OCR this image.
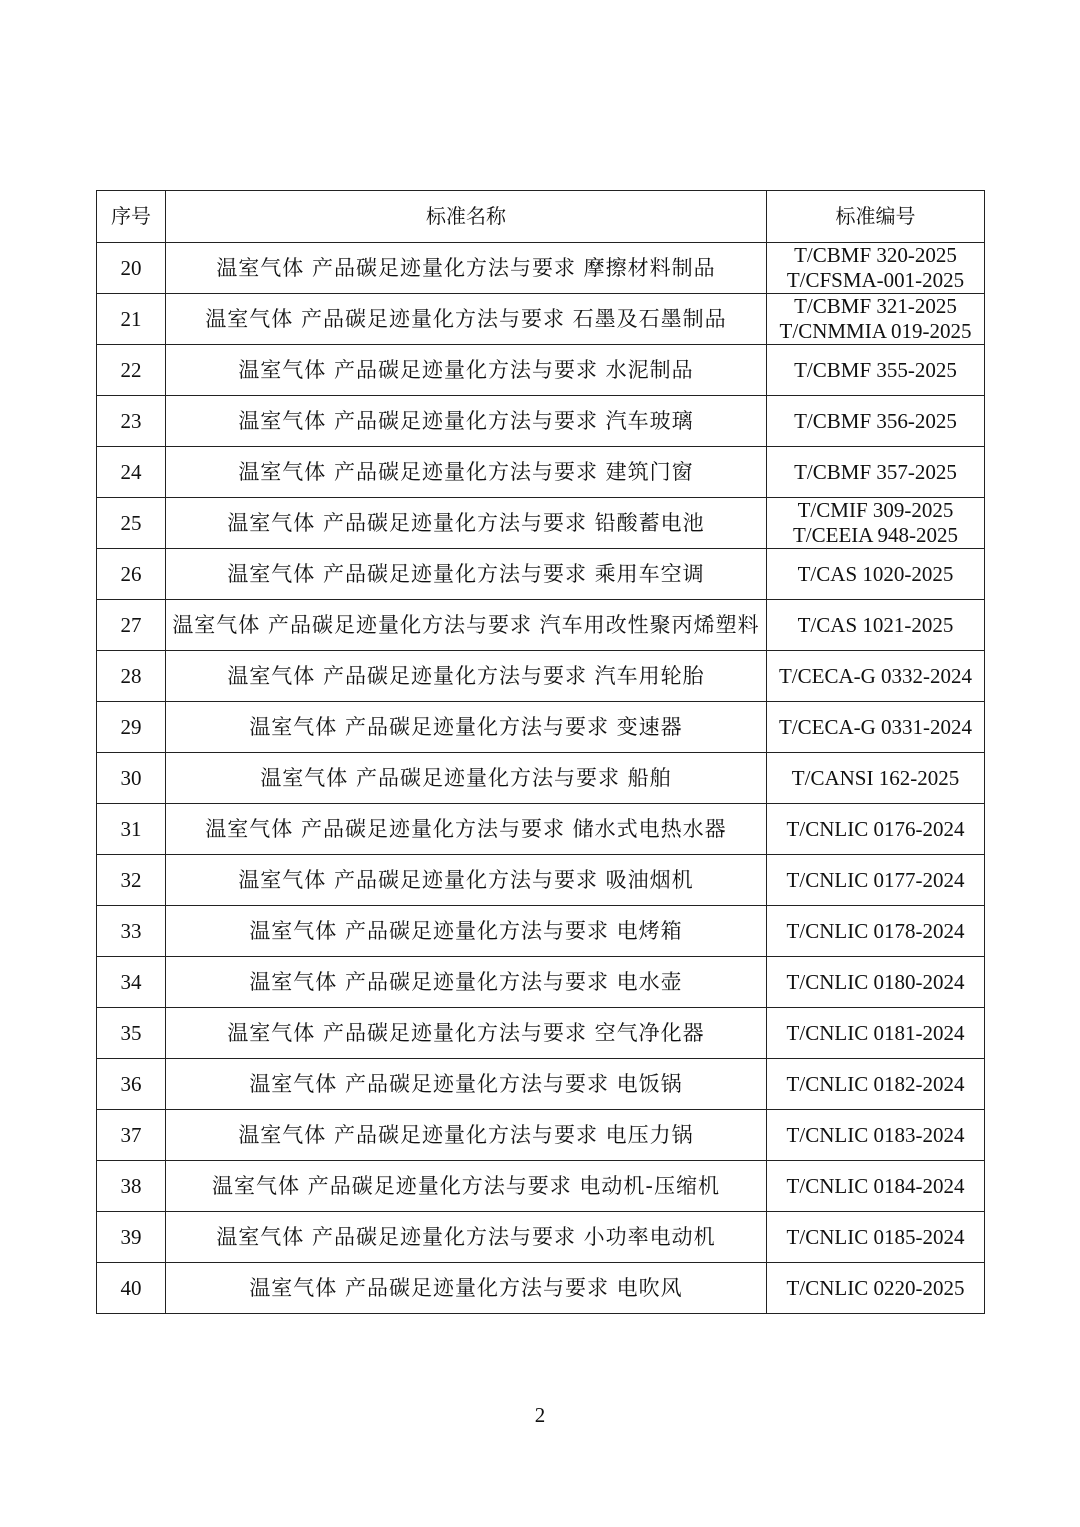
序号	标准名称	标准编号
20	温室气体 产品碳足迹量化方法与要求 摩擦材料制品	T/CBMF 320-2025
T/CFSMA-001-2025

21	温室气体 产品碳足迹量化方法与要求 石墨及石墨制品	T/CBMF 321-2025
T/CNMMIA 019-2025

22	温室气体 产品碳足迹量化方法与要求 水泥制品	T/CBMF 355-2025

23	温室气体 产品碳足迹量化方法与要求 汽车玻璃	T/CBMF 356-2025

24	温室气体 产品碳足迹量化方法与要求 建筑门窗	T/CBMF 357-2025

25	温室气体 产品碳足迹量化方法与要求 铅酸蓄电池	T/CMIF 309-2025
T/CEEIA 948-2025

26	温室气体 产品碳足迹量化方法与要求 乘用车空调	T/CAS 1020-2025

27	温室气体 产品碳足迹量化方法与要求 汽车用改性聚丙烯塑料	T/CAS 1021-2025

28	温室气体 产品碳足迹量化方法与要求 汽车用轮胎	T/CECA-G 0332-2024

29	温室气体 产品碳足迹量化方法与要求 变速器	T/CECA-G 0331-2024

30	温室气体 产品碳足迹量化方法与要求 船舶	T/CANSI 162-2025

31	温室气体 产品碳足迹量化方法与要求 储水式电热水器	T/CNLIC 0176-2024

32	温室气体 产品碳足迹量化方法与要求 吸油烟机	T/CNLIC 0177-2024

33	温室气体 产品碳足迹量化方法与要求 电烤箱	T/CNLIC 0178-2024

34	温室气体 产品碳足迹量化方法与要求 电水壶	T/CNLIC 0180-2024

35	温室气体 产品碳足迹量化方法与要求 空气净化器	T/CNLIC 0181-2024

36	温室气体 产品碳足迹量化方法与要求 电饭锅	T/CNLIC 0182-2024

37	温室气体 产品碳足迹量化方法与要求 电压力锅	T/CNLIC 0183-2024

38	温室气体 产品碳足迹量化方法与要求 电动机-压缩机	T/CNLIC 0184-2024

39	温室气体 产品碳足迹量化方法与要求 小功率电动机	T/CNLIC 0185-2024

40	温室气体 产品碳足迹量化方法与要求 电吹风	T/CNLIC 0220-2025
2
